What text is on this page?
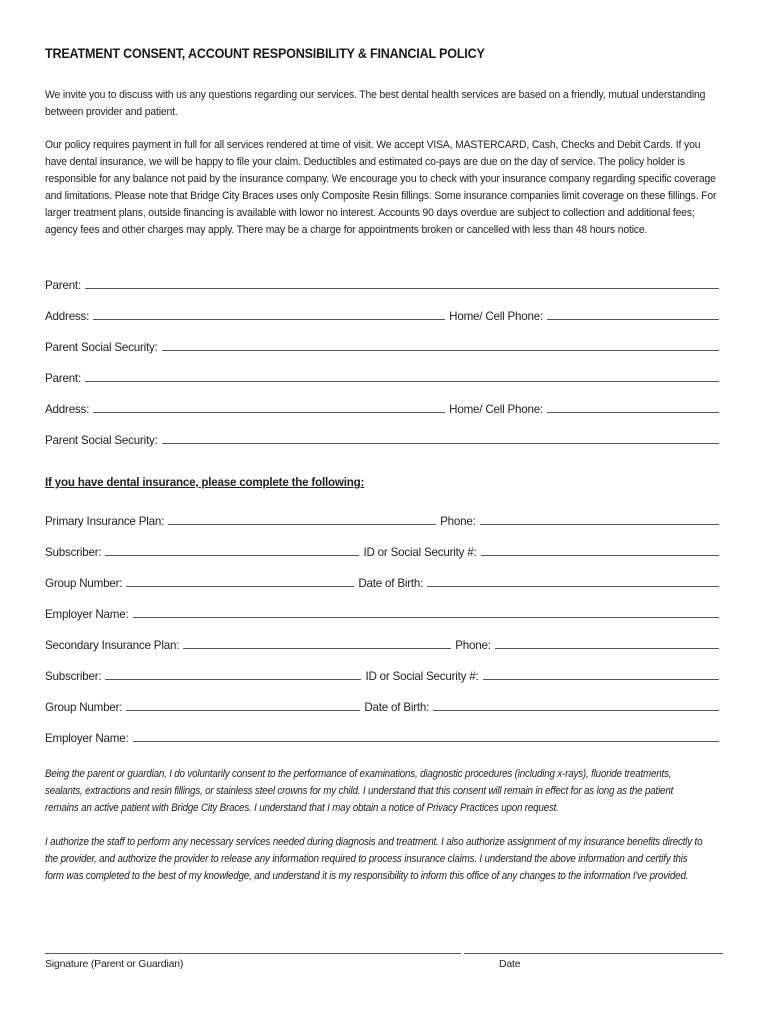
TREATMENT CONSENT, ACCOUNT RESPONSIBILITY & FINANCIAL POLICY

We invite you to discuss with us any questions regarding our services. The best dental health services are based on a friendly, mutual understanding between provider and patient.

Our policy requires payment in full for all services rendered at time of visit. We accept VISA, MASTERCARD, Cash, Checks and Debit Cards. If you have dental insurance, we will be happy to file your claim. Deductibles and estimated co-pays are due on the day of service. The policy holder is responsible for any balance not paid by the insurance company. We encourage you to check with your insurance company regarding specific coverage and limitations. Please note that Bridge City Braces uses only Composite Resin fillings. Some insurance companies limit coverage on these fillings. For larger treatment plans, outside financing is available with lowor no interest. Accounts 90 days overdue are subject to collection and additional fees; agency fees and other charges may apply. There may be a charge for appointments broken or cancelled with less than 48 hours notice.

Parent:
Address:	Home/ Cell Phone:
Parent Social Security:
Parent:
Address:	Home/ Cell Phone:
Parent Social Security:
If you have dental insurance, please complete the following:
Primary Insurance Plan:	Phone:
Subscriber:	ID or Social Security #:
Group Number:	Date of Birth:
Employer Name:
Secondary Insurance Plan:	Phone:
Subscriber:	ID or Social Security #:
Group Number:	Date of Birth:
Employer Name:

Being the parent or guardian, I do voluntarily consent to the performance of examinations, diagnostic procedures (including x-rays), fluoride treatments, sealants, extractions and resin fillings, or stainless steel crowns for my child. I understand that this consent will remain in effect for as long as the patient remains an active patient with Bridge City Braces. I understand that I may obtain a notice of Privacy Practices upon request.

I authorize the staff to perform any necessary services needed during diagnosis and treatment. I also authorize assignment of my insurance benefits directly to the provider, and authorize the provider to release any information required to process insurance claims. I understand the above information and certify this form was completed to the best of my knowledge, and understand it is my responsibility to inform this office of any changes to the information I've provided.

Signature (Parent or Guardian)	Date
